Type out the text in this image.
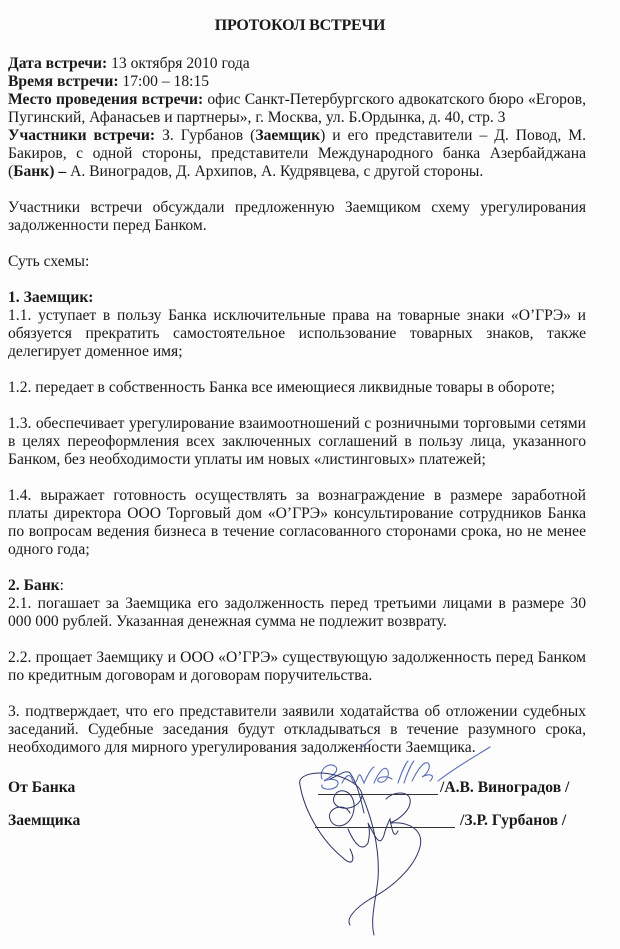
ПРОТОКОЛ ВСТРЕЧИ

Дата встречи: 13 октября 2010 года

Время встречи: 17:00 – 18:15

Место проведения встречи: офис Санкт-Петербургского адвокатского бюро «Егоров, Пугинский, Афанасьев и партнеры», г. Москва, ул. Б.Ордынка, д. 40, стр. 3

Участники встречи: З. Гурбанов (Заемщик) и его представители – Д. Повод, М. Бакиров, с одной стороны, представители Международного банка Азербайджана (Банк) – А. Виноградов, Д. Архипов, А. Кудрявцева, с другой стороны.

Участники встречи обсуждали предложенную Заемщиком схему урегулирования задолженности перед Банком.

Суть схемы:

1. Заемщик:

1.1. уступает в пользу Банка исключительные права на товарные знаки «О’ГРЭ» и обязуется прекратить самостоятельное использование товарных знаков, также делегирует доменное имя;

1.2. передает в собственность Банка все имеющиеся ликвидные товары в обороте;

1.3. обеспечивает урегулирование взаимоотношений с розничными торговыми сетями в целях переоформления всех заключенных соглашений в пользу лица, указанного Банком, без необходимости уплаты им новых «листинговых» платежей;

1.4. выражает готовность осуществлять за вознаграждение в размере заработной платы директора ООО Торговый дом «О’ГРЭ» консультирование сотрудников Банка по вопросам ведения бизнеса в течение согласованного сторонами срока, но не менее одного года;

2. Банк:

2.1. погашает за Заемщика его задолженность перед третьими лицами в размере 30 000 000 рублей. Указанная денежная сумма не подлежит возврату.

2.2. прощает Заемщику и ООО «О’ГРЭ» существующую задолженность перед Банком по кредитным договорам и договорам поручительства.

3. подтверждает, что его представители заявили ходатайства об отложении судебных заседаний. Судебные заседания будут откладываться в течение разумного срока, необходимого для мирного урегулирования задолженности Заемщика.

От Банка	/А.В. Виноградов /
Заемщика	/З.Р. Гурбанов /
